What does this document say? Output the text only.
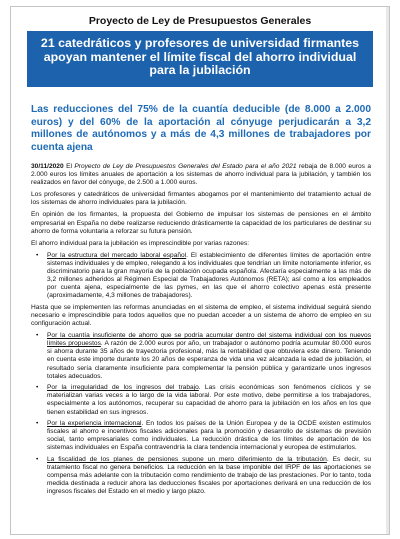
Proyecto de Ley de Presupuestos Generales
21 catedráticos y profesores de universidad firmantes apoyan mantener el límite fiscal del ahorro individual para la jubilación
Las reducciones del 75% de la cuantía deducible (de 8.000 a 2.000 euros) y del 60% de la aportación al cónyuge perjudicarán a 3,2 millones de autónomos y a más de 4,3 millones de trabajadores por cuenta ajena

30/11/2020 El Proyecto de Ley de Presupuestos Generales del Estado para el año 2021 rebaja de 8.000 euros a 2.000 euros los límites anuales de aportación a los sistemas de ahorro individual para la jubilación, y también los realizados en favor del cónyuge, de 2.500 a 1.000 euros.

Los profesores y catedráticos de universidad firmantes abogamos por el mantenimiento del tratamiento actual de los sistemas de ahorro individuales para la jubilación.

En opinión de los firmantes, la propuesta del Gobierno de impulsar los sistemas de pensiones en el ámbito empresarial en España no debe realizarse reduciendo drásticamente la capacidad de los particulares de destinar su ahorro de forma voluntaria a reforzar su futura pensión.

El ahorro individual para la jubilación es imprescindible por varias razones:

• Por la estructura del mercado laboral español. El establecimiento de diferentes límites de aportación entre sistemas individuales y de empleo, relegando a los individuales que tendrían un límite notoriamente inferior, es discriminatorio para la gran mayoría de la población ocupada española. Afectaría especialmente a las más de 3,2 millones adheridos al Régimen Especial de Trabajadores Autónomos (RETA); así como a los empleados por cuenta ajena, especialmente de las pymes, en las que el ahorro colectivo apenas está presente (aproximadamente, 4,3 millones de trabajadores).

Hasta que se implementen las reformas anunciadas en el sistema de empleo, el sistema individual seguirá siendo necesario e imprescindible para todos aquellos que no puedan acceder a un sistema de ahorro de empleo en su configuración actual.

• Por la cuantía insuficiente de ahorro que se podría acumular dentro del sistema individual con los nuevos límites propuestos. A razón de 2.000 euros por año, un trabajador o autónomo podría acumular 80.000 euros si ahorra durante 35 años de trayectoria profesional, más la rentabilidad que obtuviera este dinero. Teniendo en cuenta este importe durante los 20 años de esperanza de vida una vez alcanzada la edad de jubilación, el resultado sería claramente insuficiente para complementar la pensión pública y garantizarle unos ingresos totales adecuados.
• Por la irregularidad de los ingresos del trabajo. Las crisis económicas son fenómenos cíclicos y se materializan varias veces a lo largo de la vida laboral. Por este motivo, debe permitirse a los trabajadores, especialmente a los autónomos, recuperar su capacidad de ahorro para la jubilación en los años en los que tienen estabilidad en sus ingresos.
• Por la experiencia internacional. En todos los países de la Unión Europea y de la OCDE existen estímulos fiscales al ahorro e incentivos fiscales adicionales para la promoción y desarrollo de sistemas de previsión social, tanto empresariales como individuales. La reducción drástica de los límites de aportación de los sistemas individuales en España contravendría la clara tendencia internacional y europea de estimularlos.
• La fiscalidad de los planes de pensiones supone un mero diferimiento de la tributación. Es decir, su tratamiento fiscal no genera beneficios. La reducción en la base imponible del IRPF de las aportaciones se compensa más adelante con la tributación como rendimiento de trabajo de las prestaciones. Por lo tanto, toda medida destinada a reducir ahora las deducciones fiscales por aportaciones derivará en una reducción de los ingresos fiscales del Estado en el medio y largo plazo.
